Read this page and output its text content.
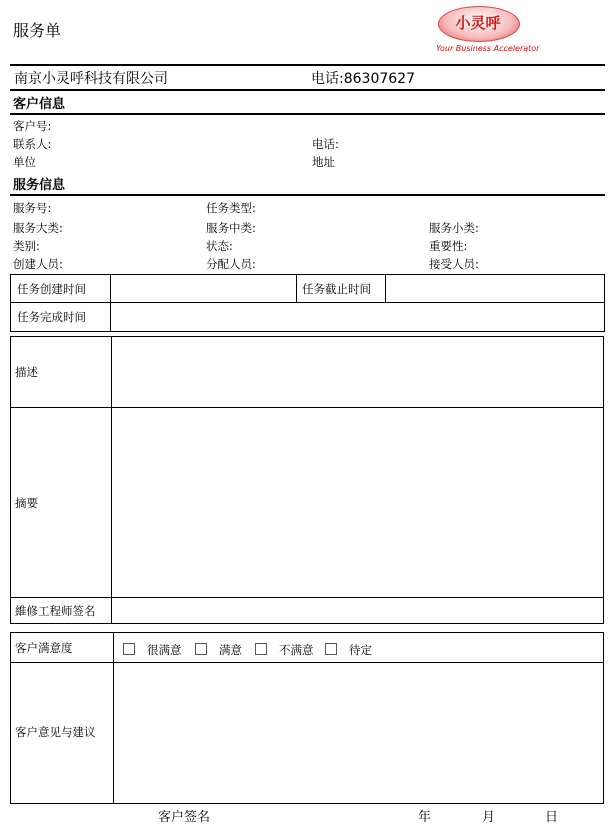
服务单	小灵呼
Your Business Accelerator
南京小灵呼科技有限公司	电话:86307627
客户信息
客户号:
联系人:	电话:
单位	地址
服务信息
服务号:	任务类型:
服务大类:	服务中类:	服务小类:
类别:	状态:	重要性:
创建人员:	分配人员:	接受人员:
任务创建时间	任务截止时间
任务完成时间
描述
摘要
維修工程师签名
客户满意度	很满意	满意	不满意	待定
客户意见与建议
客户签名	年	月	日
